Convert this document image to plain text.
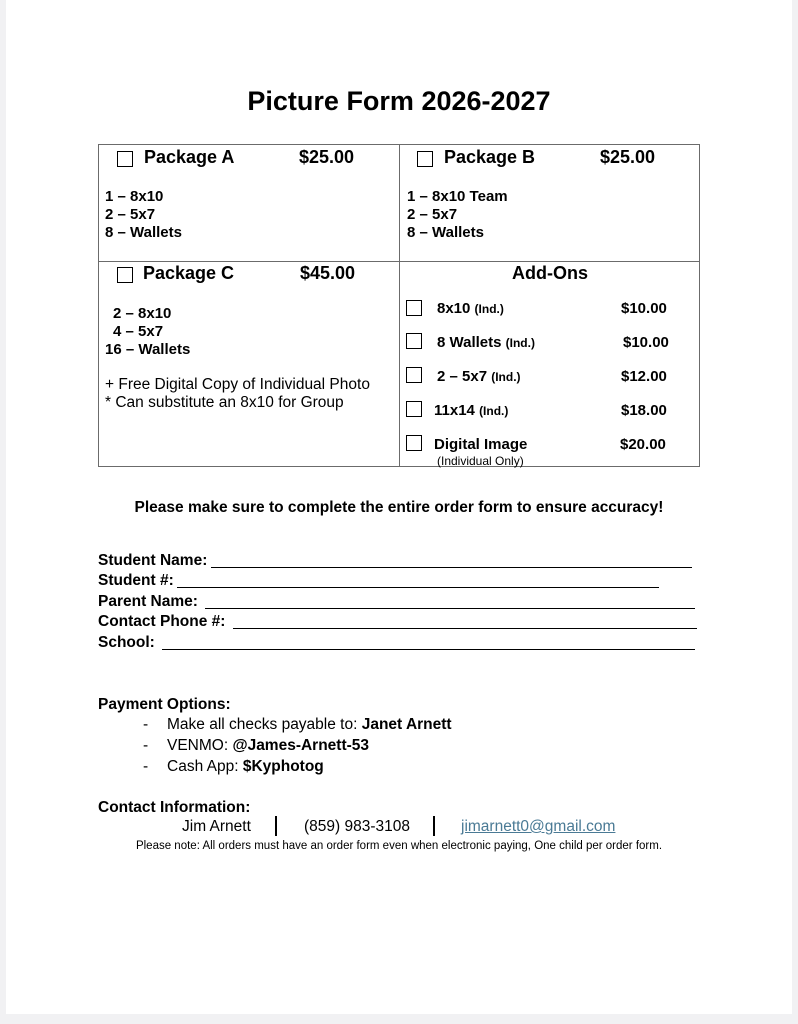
Picture Form 2026-2027
Package A	$25.00
1 – 8x10
2 – 5x7
8 – Wallets
Package B	$25.00
1 – 8x10 Team
2 – 5x7
8 – Wallets
Package C	$45.00
2 – 8x10
4 – 5x7
16 – Wallets
+ Free Digital Copy of Individual Photo
* Can substitute an 8x10 for Group
Add-Ons
8x10 (Ind.)	$10.00
8 Wallets (Ind.)	$10.00
2 – 5x7 (Ind.)	$12.00
11x14 (Ind.)	$18.00
Digital Image	$20.00
(Individual Only)
Please make sure to complete the entire order form to ensure accuracy!
Student Name:
Student #:
Parent Name:
Contact Phone #:
School:
Payment Options:
- Make all checks payable to: Janet Arnett
- VENMO: @James-Arnett-53
- Cash App: $Kyphotog
Contact Information:
Jim Arnett	(859) 983-3108	jimarnett0@gmail.com
Please note: All orders must have an order form even when electronic paying, One child per order form.
